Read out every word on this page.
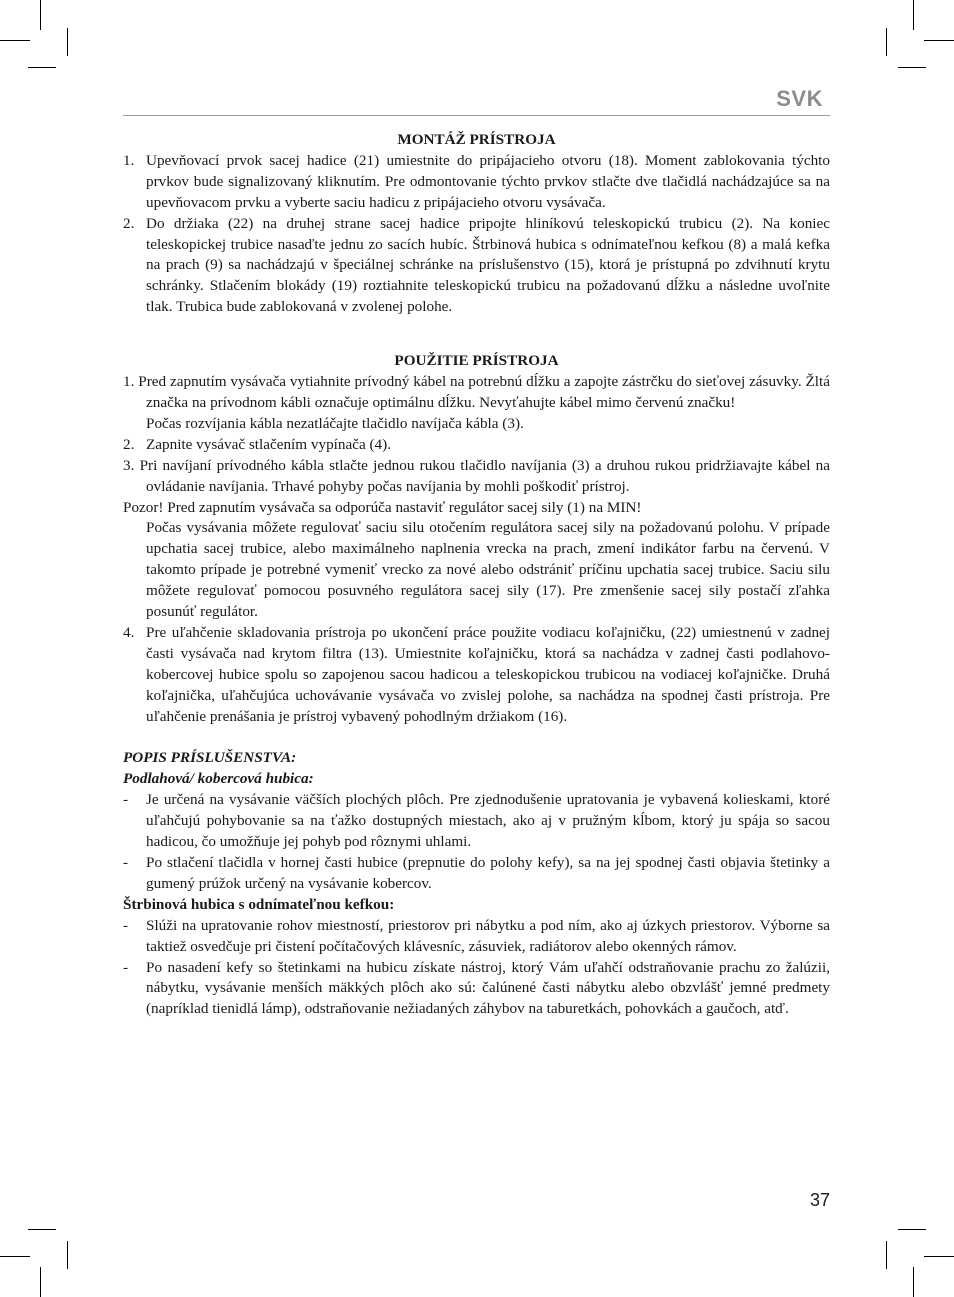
SVK
MONTÁŽ PRÍSTROJA
1. Upevňovací prvok sacej hadice (21) umiestnite do pripájacieho otvoru (18). Moment zablokovania týchto prvkov bude signalizovaný kliknutím. Pre odmontovanie týchto prvkov stlačte dve tlačidlá nachádzajúce sa na upevňovacom prvku a vyberte saciu hadicu z pripájacieho otvoru vysávača.
2. Do držiaka (22) na druhej strane sacej hadice pripojte hliníkovú teleskopickú trubicu (2). Na koniec teleskopickej trubice nasaďte jednu zo sacích hubíc. Štrbinová hubica s odnímateľnou kefkou (8) a malá kefka na prach (9) sa nachádzajú v špeciálnej schránke na príslušenstvo (15), ktorá je prístupná po zdvihnutí krytu schránky. Stlačením blokády (19) roztiahnite teleskopickú trubicu na požadovanú dĺžku a následne uvoľnite tlak. Trubica bude zablokovaná v zvolenej polohe.
POUŽITIE PRÍSTROJA

1. Pred zapnutím vysávača vytiahnite prívodný kábel na potrebnú dĺžku a zapojte zástrčku do sieťovej zásuvky. Žltá značka na prívodnom kábli označuje optimálnu dĺžku. Nevyťahujte kábel mimo červenú značku!

Počas rozvíjania kábla nezatláčajte tlačidlo navíjača kábla (3).

2. Zapnite vysávač stlačením vypínača (4).

3. Pri navíjaní prívodného kábla stlačte jednou rukou tlačidlo navíjania (3) a druhou rukou pridržiavajte kábel na ovládanie navíjania. Trhavé pohyby počas navíjania by mohli poškodiť prístroj.

Pozor! Pred zapnutím vysávača sa odporúča nastaviť regulátor sacej sily (1) na MIN!

Počas vysávania môžete regulovať saciu silu otočením regulátora sacej sily na požadovanú polohu. V prípade upchatia sacej trubice, alebo maximálneho naplnenia vrecka na prach, zmení indikátor farbu na červenú. V takomto prípade je potrebné vymeniť vrecko za nové alebo odstrániť príčinu upchatia sacej trubice. Saciu silu môžete regulovať pomocou posuvného regulátora sacej sily (17). Pre zmenšenie sacej sily postačí zľahka posunúť regulátor.

4. Pre uľahčenie skladovania prístroja po ukončení práce použite vodiacu koľajničku, (22) umiestnenú v zadnej časti vysávača nad krytom filtra (13). Umiestnite koľajničku, ktorá sa nachádza v zadnej časti podlahovo-kobercovej hubice spolu so zapojenou sacou hadicou a teleskopickou trubicou na vodiacej koľajničke. Druhá koľajnička, uľahčujúca uchovávanie vysávača vo zvislej polohe, sa nachádza na spodnej časti prístroja. Pre uľahčenie prenášania je prístroj vybavený pohodlným držiakom (16).
POPIS PRÍSLUŠENSTVA:
Podlahová/ kobercová hubica:
- Je určená na vysávanie väčších plochých plôch. Pre zjednodušenie upratovania je vybavená kolieskami, ktoré uľahčujú pohybovanie sa na ťažko dostupných miestach, ako aj v pružným kĺbom, ktorý ju spája so sacou hadicou, čo umožňuje jej pohyb pod rôznymi uhlami.
- Po stlačení tlačidla v hornej časti hubice (prepnutie do polohy kefy), sa na jej spodnej časti objavia štetinky a gumený prúžok určený na vysávanie kobercov.
Štrbinová hubica s odnímateľnou kefkou:
- Slúži na upratovanie rohov miestností, priestorov pri nábytku a pod ním, ako aj úzkych priestorov. Výborne sa taktiež osvedčuje pri čistení počítačových klávesníc, zásuviek, radiátorov alebo okenných rámov.
- Po nasadení kefy so štetinkami na hubicu získate nástroj, ktorý Vám uľahčí odstraňovanie prachu zo žalúzii, nábytku, vysávanie menších mäkkých plôch ako sú: čalúnené časti nábytku alebo obzvlášť jemné predmety (napríklad tienidlá lámp), odstraňovanie nežiadaných záhybov na taburetkách, pohovkách a gaučoch, atď.
37
